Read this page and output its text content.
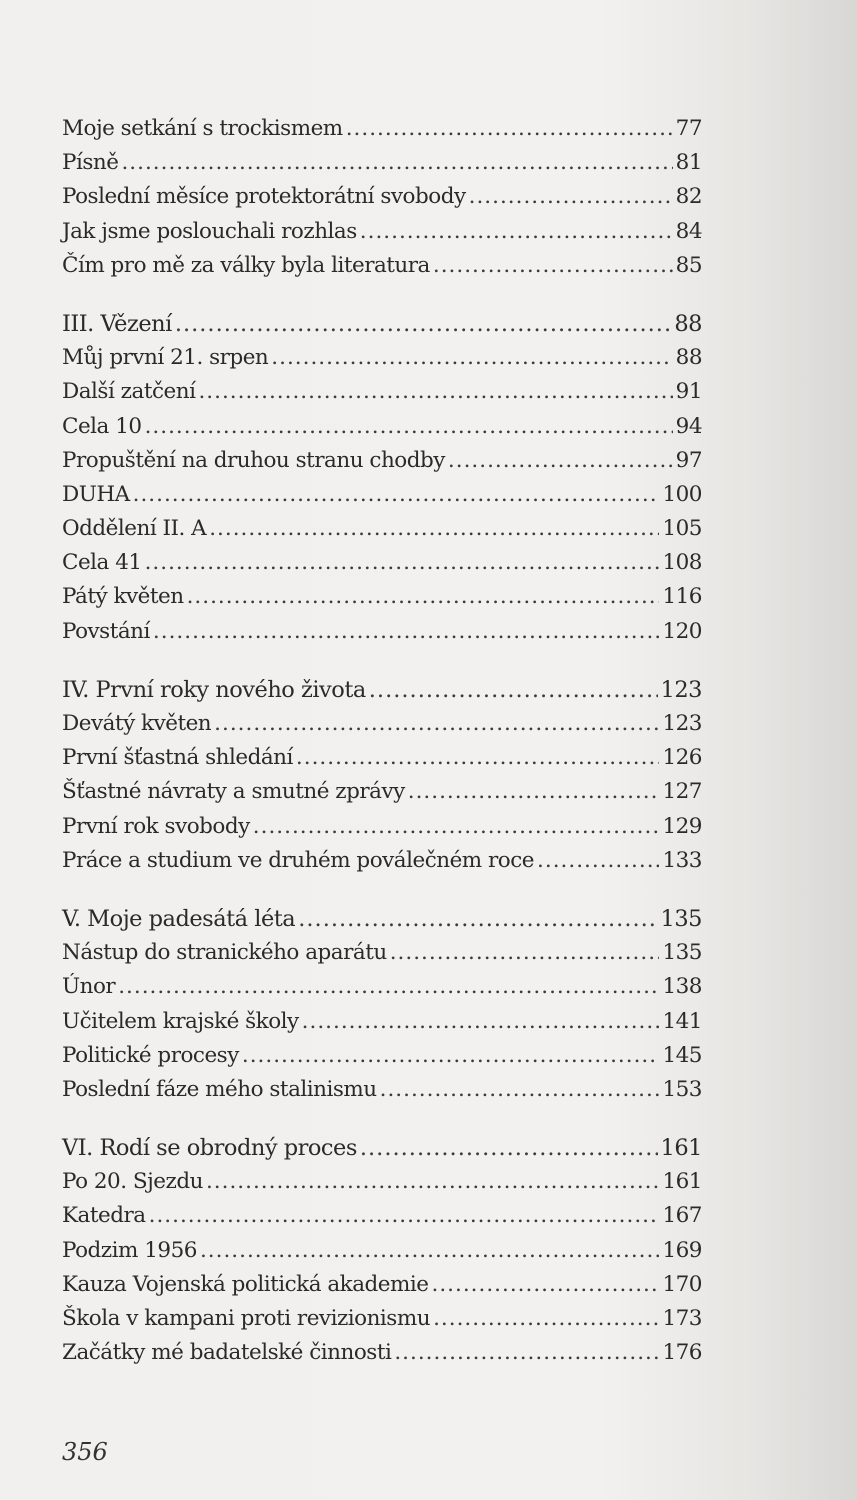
Moje setkání s trockismem .....	77
Písně .....	81
Poslední měsíce protektorátní svobody .....	82
Jak jsme poslouchali rozhlas .....	84
Čím pro mě za války byla literatura .....	85
III. Vězení .....	88
Můj první 21. srpen .....	88
Další zatčení .....	91
Cela 10 .....	94
Propuštění na druhou stranu chodby .....	97
DUHA .....	100
Oddělení II. A .....	105
Cela 41 .....	108
Pátý květen .....	116
Povstání .....	120
IV. První roky nového života .....	123
Devátý květen .....	123
První šťastná shledání .....	126
Šťastné návraty a smutné zprávy .....	127
První rok svobody .....	129
Práce a studium ve druhém poválečném roce .....	133
V. Moje padesátá léta .....	135
Nástup do stranického aparátu .....	135
Únor .....	138
Učitelem krajské školy .....	141
Politické procesy .....	145
Poslední fáze mého stalinismu .....	153
VI. Rodí se obrodný proces .....	161
Po 20. Sjezdu .....	161
Katedra .....	167
Podzim 1956 .....	169
Kauza Vojenská politická akademie .....	170
Škola v kampani proti revizionismu .....	173
Začátky mé badatelské činnosti .....	176
356
